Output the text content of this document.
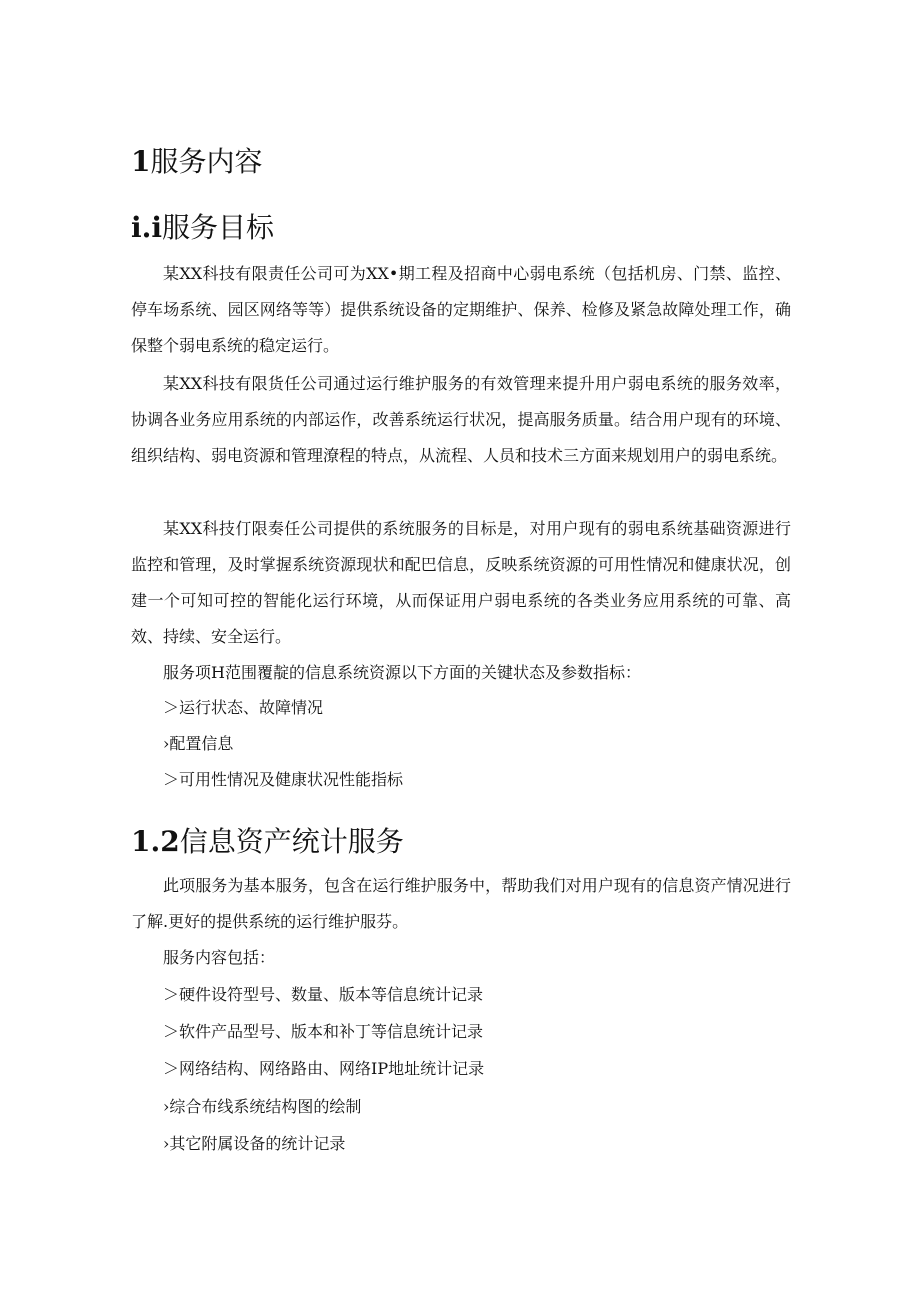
1服务内容
i.i服务目标
某XX科技有限责任公司可为XX•期工程及招商中心弱电系统（包括机房、门禁、监控、停车场系统、园区网络等等）提供系统设备的定期维护、保养、检修及紧急故障处理工作，确保整个弱电系统的稳定运行。
某XX科技有限货任公司通过运行维护服务的有效管理来提升用户弱电系统的服务效率，协调各业务应用系统的内部运作，改善系统运行状况，提高服务质量。结合用户现有的环境、组织结构、弱电资源和管理潦程的特点，从流程、人员和技术三方面来规划用户的弱电系统。
某XX科技仃限奏任公司提供的系统服务的目标是，对用户现有的弱电系统基础资源进行监控和管理，及时掌握系统资源现状和配巴信息，反映系统资源的可用性情况和健康状况，创建一个可知可控的智能化运行环境，从而保证用户弱电系统的各类业务应用系统的可靠、高效、持续、安全运行。
服务项H范围覆靛的信息系统资源以下方面的关键状态及参数指标：
＞运行状态、故障情况
›配置信息
＞可用性情况及健康状况性能指标
1.2信息资产统计服务
此项服务为基本服务，包含在运行维护服务中，帮助我们对用户现有的信息资产情况进行了解.更好的提供系统的运行维护服芬。
服务内容包括：
＞硬件设符型号、数量、版本等信息统计记录
＞软件产品型号、版本和补丁等信息统计记录
＞网络结构、网络路由、网络IP地址统计记录
›综合布线系统结构图的绘制
›其它附属设备的统计记录
